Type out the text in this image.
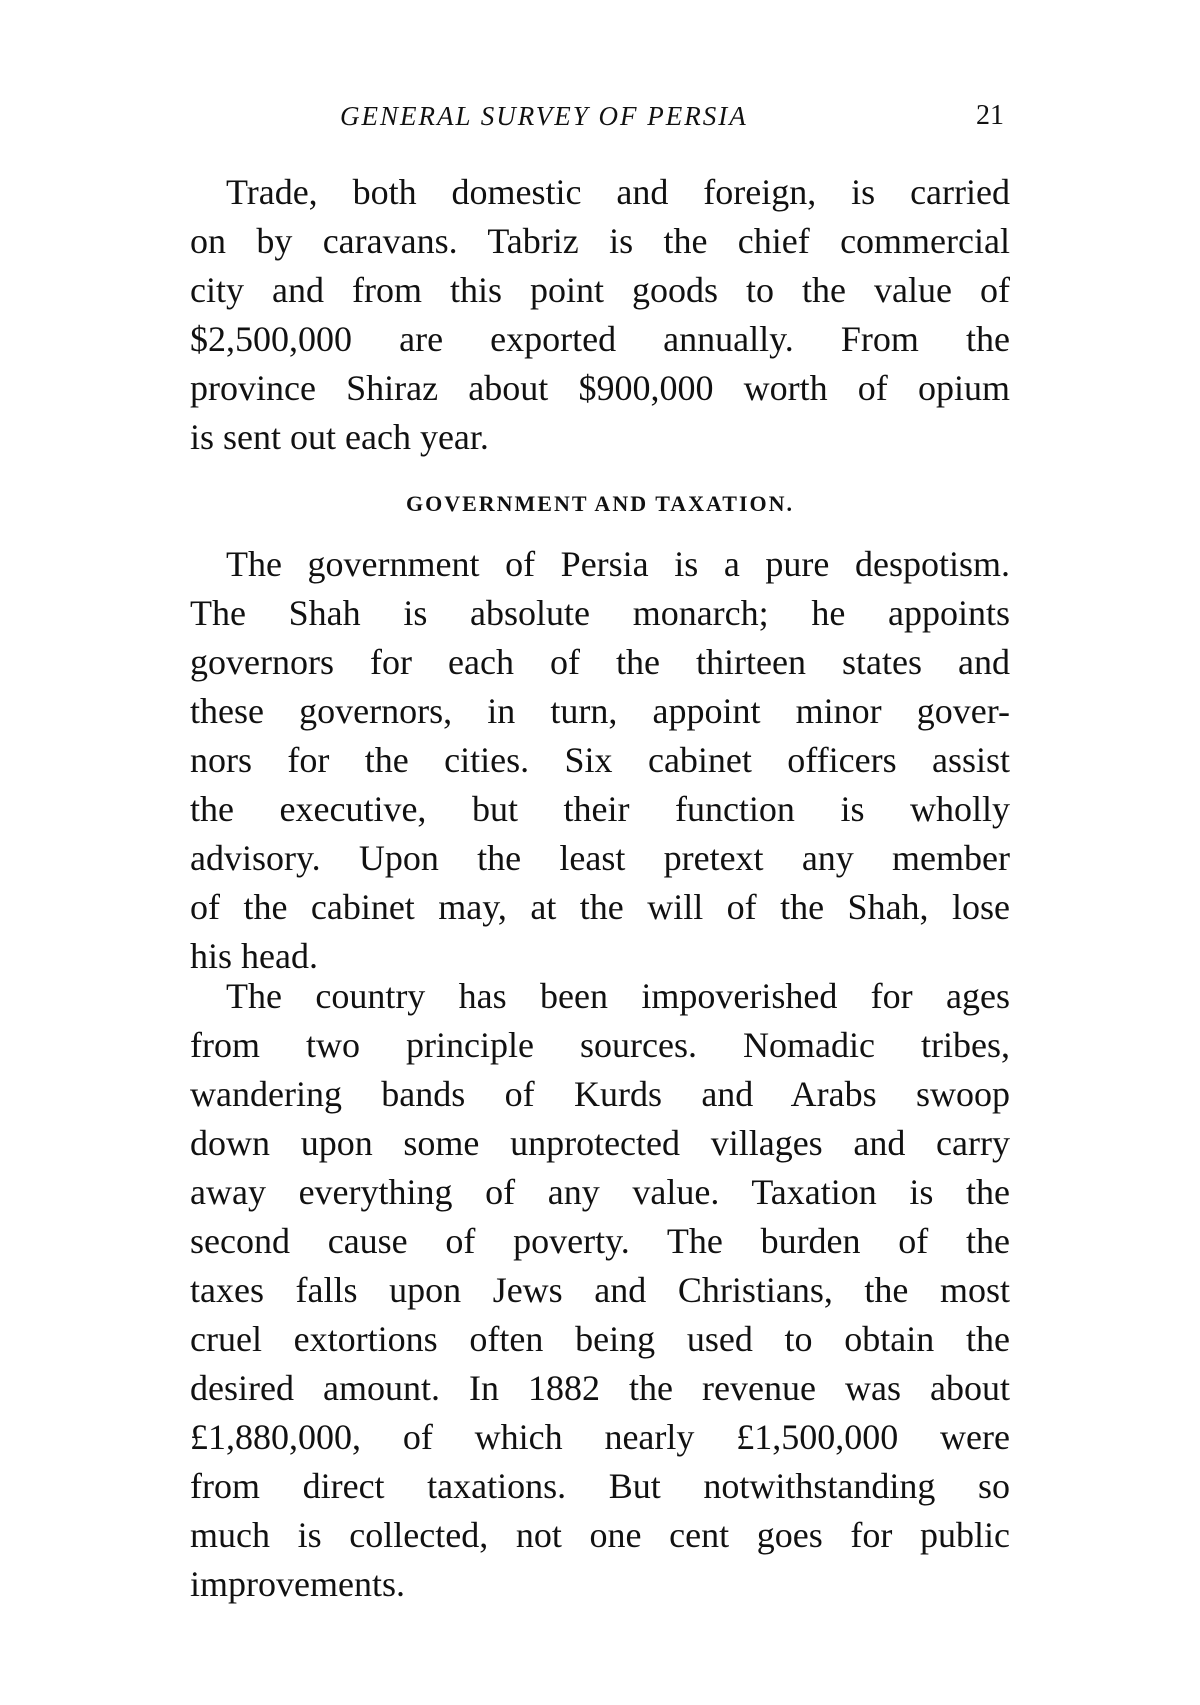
GENERAL SURVEY OF PERSIA	21
Trade, both domestic and foreign, is carried
on by caravans. Tabriz is the chief commercial
city and from this point goods to the value of
$2,500,000 are exported annually. From the
province Shiraz about $900,000 worth of opium
is sent out each year.
GOVERNMENT AND TAXATION.
The government of Persia is a pure despotism.
The Shah is absolute monarch; he appoints
governors for each of the thirteen states and
these governors, in turn, appoint minor gover-
nors for the cities. Six cabinet officers assist
the executive, but their function is wholly
advisory. Upon the least pretext any member
of the cabinet may, at the will of the Shah, lose
his head.
The country has been impoverished for ages
from two principle sources. Nomadic tribes,
wandering bands of Kurds and Arabs swoop
down upon some unprotected villages and carry
away everything of any value. Taxation is the
second cause of poverty. The burden of the
taxes falls upon Jews and Christians, the most
cruel extortions often being used to obtain the
desired amount. In 1882 the revenue was about
£1,880,000, of which nearly £1,500,000 were
from direct taxations. But notwithstanding so
much is collected, not one cent goes for public
improvements.
